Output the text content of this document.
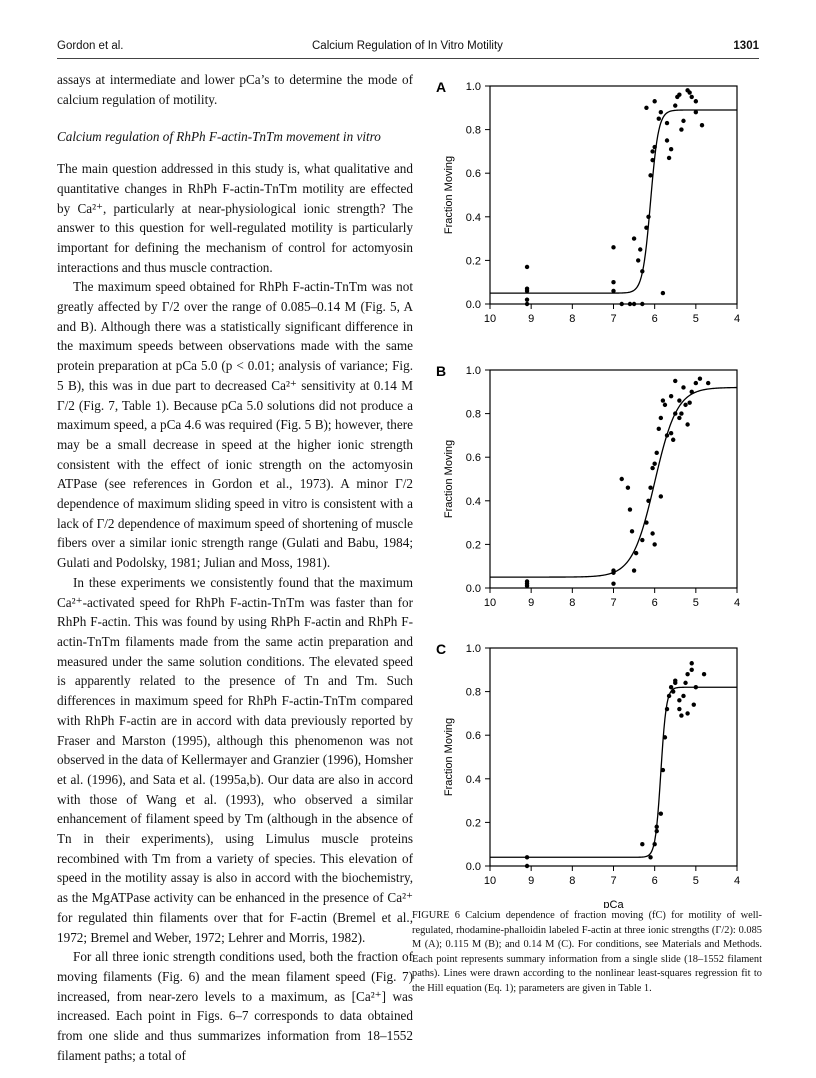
Gordon et al.	Calcium Regulation of In Vitro Motility	1301

assays at intermediate and lower pCa’s to determine the mode of calcium regulation of motility.

Calcium regulation of RhPh F-actin-TnTm movement in vitro

The main question addressed in this study is, what qualitative and quantitative changes in RhPh F-actin-TnTm motility are effected by Ca²⁺, particularly at near-physiological ionic strength? The answer to this question for well-regulated motility is particularly important for defining the mechanism of control for actomyosin interactions and thus muscle contraction.

The maximum speed obtained for RhPh F-actin-TnTm was not greatly affected by Γ/2 over the range of 0.085–0.14 M (Fig. 5, A and B). Although there was a statistically significant difference in the maximum speeds between observations made with the same protein preparation at pCa 5.0 (p < 0.01; analysis of variance; Fig. 5 B), this was in due part to decreased Ca²⁺ sensitivity at 0.14 M Γ/2 (Fig. 7, Table 1). Because pCa 5.0 solutions did not produce a maximum speed, a pCa 4.6 was required (Fig. 5 B); however, there may be a small decrease in speed at the higher ionic strength consistent with the effect of ionic strength on the actomyosin ATPase (see references in Gordon et al., 1973). A minor Γ/2 dependence of maximum sliding speed in vitro is consistent with a lack of Γ/2 dependence of maximum speed of shortening of muscle fibers over a similar ionic strength range (Gulati and Babu, 1984; Gulati and Podolsky, 1981; Julian and Moss, 1981).

In these experiments we consistently found that the maximum Ca²⁺-activated speed for RhPh F-actin-TnTm was faster than for RhPh F-actin. This was found by using RhPh F-actin and RhPh F-actin-TnTm filaments made from the same actin preparation and measured under the same solution conditions. The elevated speed is apparently related to the presence of Tn and Tm. Such differences in maximum speed for RhPh F-actin-TnTm compared with RhPh F-actin are in accord with data previously reported by Fraser and Marston (1995), although this phenomenon was not observed in the data of Kellermayer and Granzier (1996), Homsher et al. (1996), and Sata et al. (1995a,b). Our data are also in accord with those of Wang et al. (1993), who observed a similar enhancement of filament speed by Tm (although in the absence of Tn in their experiments), using Limulus muscle proteins recombined with Tm from a variety of species. This elevation of speed in the motility assay is also in accord with the biochemistry, as the MgATPase activity can be enhanced in the presence of Ca²⁺ for regulated thin filaments over that for F-actin (Bremel et al., 1972; Bremel and Weber, 1972; Lehrer and Morris, 1982).

For all three ionic strength conditions used, both the fraction of moving filaments (Fig. 6) and the mean filament speed (Fig. 7) increased, from near-zero levels to a maximum, as [Ca²⁺] was increased. Each point in Figs. 6–7 corresponds to data obtained from one slide and thus summarizes information from 18–1552 filament paths; a total of

A
0.0
0.2
0.4
0.6
0.8
1.0
10	9	8	7	6	5	4
Fraction Moving
B
0.0
0.2
0.4
0.6
0.8
1.0
10	9	8	7	6	5	4
Fraction Moving
C
0.0
0.2
0.4
0.6
0.8
1.0
10	9	8	7	6	5	4
Fraction Moving
pCa
FIGURE 6 Calcium dependence of fraction moving (fC) for motility of well-regulated, rhodamine-phalloidin labeled F-actin at three ionic strengths (Γ/2): 0.085 M (A); 0.115 M (B); and 0.14 M (C). For conditions, see Materials and Methods. Each point represents summary information from a single slide (18–1552 filament paths). Lines were drawn according to the nonlinear least-squares regression fit to the Hill equation (Eq. 1); parameters are given in Table 1.
